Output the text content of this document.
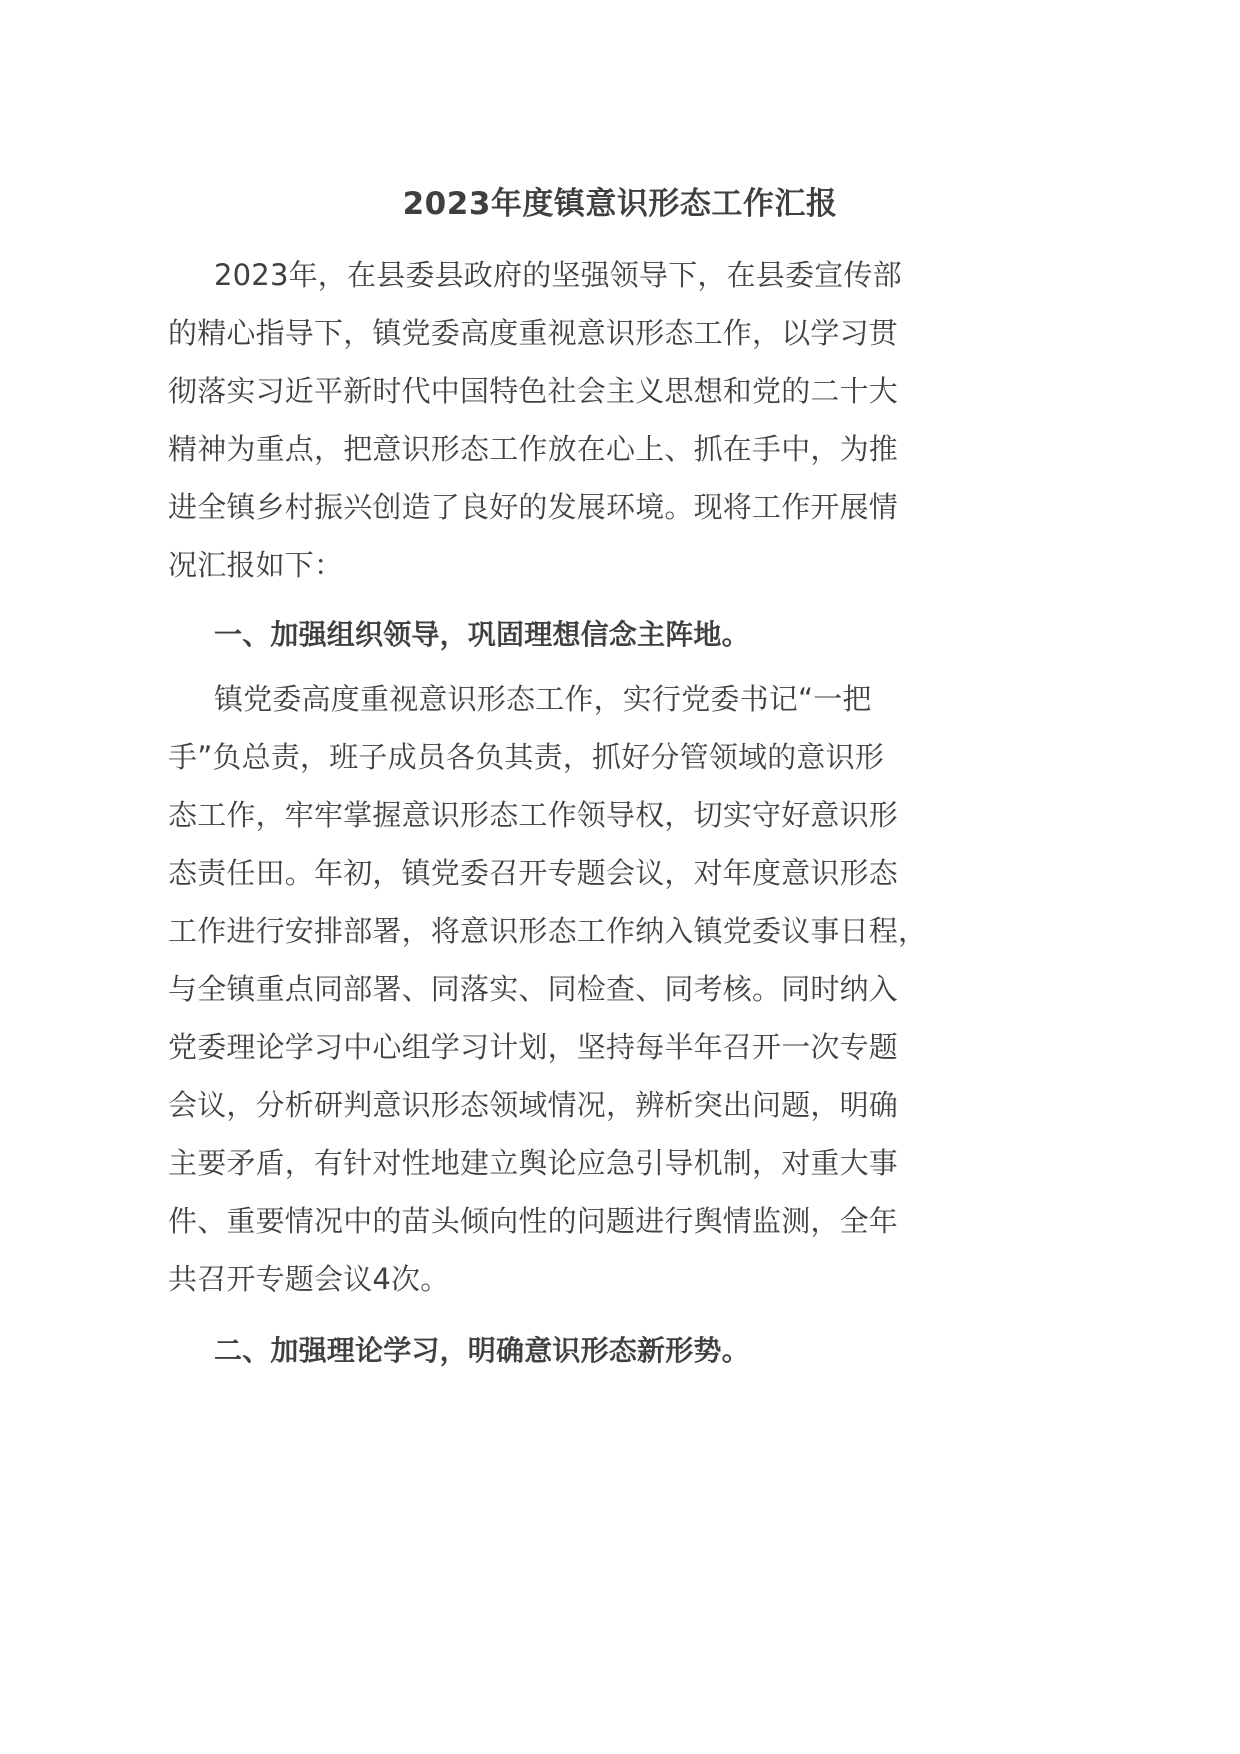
2023年度镇意识形态工作汇报
2023年，在县委县政府的坚强领导下，在县委宣传部
的精心指导下，镇党委高度重视意识形态工作，以学习贯
彻落实习近平新时代中国特色社会主义思想和党的二十大
精神为重点，把意识形态工作放在心上、抓在手中，为推
进全镇乡村振兴创造了良好的发展环境。现将工作开展情
况汇报如下：
一、加强组织领导，巩固理想信念主阵地。
镇党委高度重视意识形态工作，实行党委书记“一把
手”负总责，班子成员各负其责，抓好分管领域的意识形
态工作，牢牢掌握意识形态工作领导权，切实守好意识形
态责任田。年初，镇党委召开专题会议，对年度意识形态
工作进行安排部署，将意识形态工作纳入镇党委议事日程，
与全镇重点同部署、同落实、同检查、同考核。同时纳入
党委理论学习中心组学习计划，坚持每半年召开一次专题
会议，分析研判意识形态领域情况，辨析突出问题，明确
主要矛盾，有针对性地建立舆论应急引导机制，对重大事
件、重要情况中的苗头倾向性的问题进行舆情监测，全年
共召开专题会议4次。
二、加强理论学习，明确意识形态新形势。
